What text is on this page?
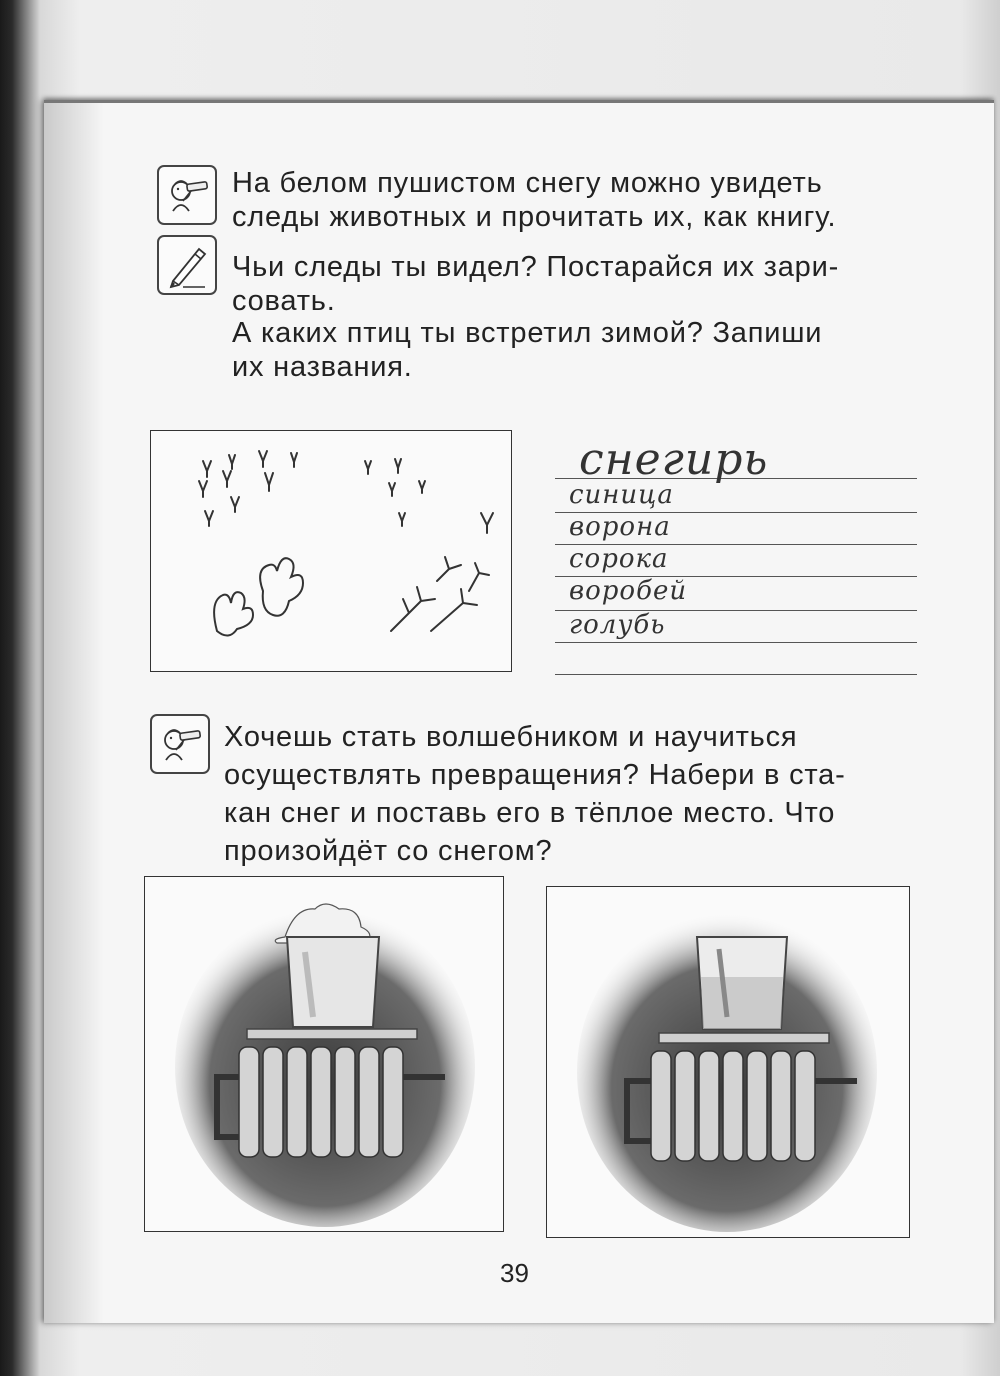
На белом пушистом снегу можно увидеть
следы животных и прочитать их, как книгу.
Чьи следы ты видел? Постарайся их зари-
совать.
А каких птиц ты встретил зимой? Запиши
их названия.
снегирь
синица
ворона
сорока
воробей
голубь
Хочешь стать волшебником и научиться
осуществлять превращения? Набери в ста-
кан снег и поставь его в тёплое место. Что
произойдёт со снегом?
39
